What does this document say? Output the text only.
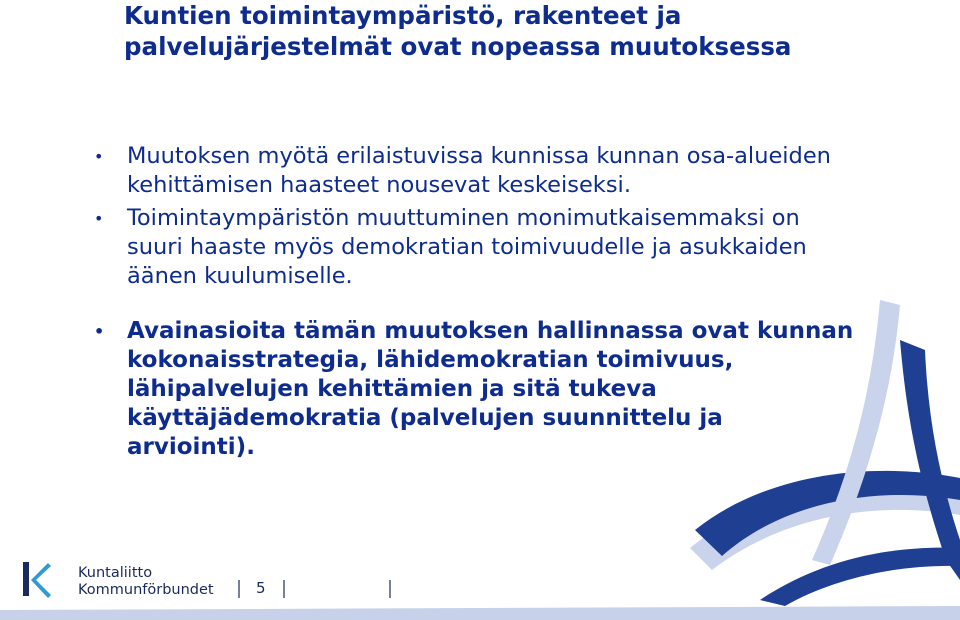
Kuntien toimintaympäristö, rakenteet ja palvelujärjestelmät ovat nopeassa muutoksessa
• Muutoksen myötä erilaistuvissa kunnissa kunnan osa-alueiden kehittämisen haasteet nousevat keskeiseksi.
• Toimintaympäristön muuttuminen monimutkaisemmaksi on suuri haaste myös demokratian toimivuudelle ja asukkaiden äänen kuulumiselle.
• Avainasioita tämän muutoksen hallinnassa ovat kunnan kokonaisstrategia, lähidemokratian toimivuus, lähipalvelujen kehittämien ja sitä tukeva käyttäjädemokratia (palvelujen suunnittelu ja arviointi).
Kuntaliitto
Kommunförbundet	5
